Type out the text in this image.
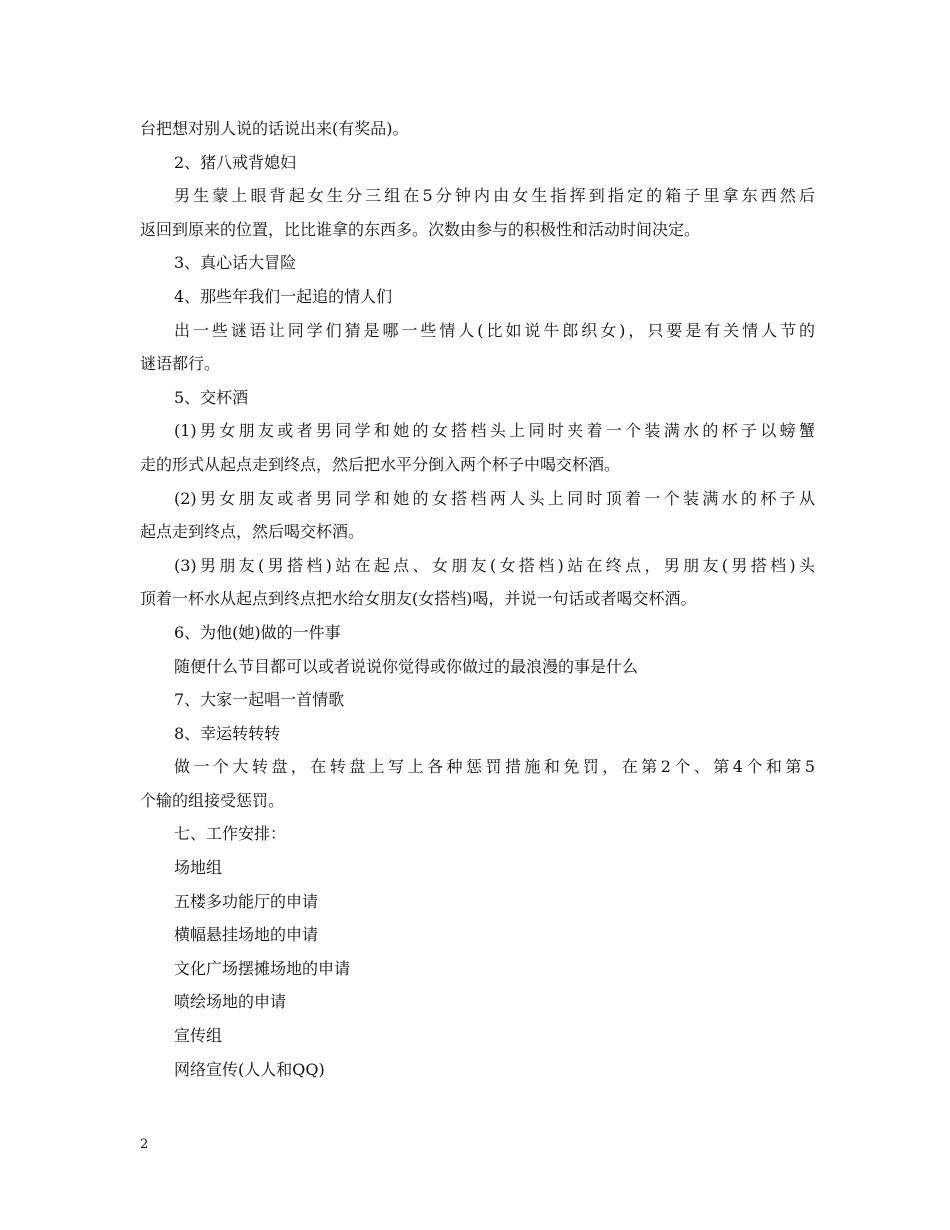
台把想对别人说的话说出来(有奖品)。
2、猪八戒背媳妇
男生蒙上眼背起女生分三组在5分钟内由女生指挥到指定的箱子里拿东西然后
返回到原来的位置，比比谁拿的东西多。次数由参与的积极性和活动时间决定。
3、真心话大冒险
4、那些年我们一起追的情人们
出一些谜语让同学们猜是哪一些情人(比如说牛郎织女)，只要是有关情人节的
谜语都行。
5、交杯酒
(1)男女朋友或者男同学和她的女搭档头上同时夹着一个装满水的杯子以螃蟹
走的形式从起点走到终点，然后把水平分倒入两个杯子中喝交杯酒。
(2)男女朋友或者男同学和她的女搭档两人头上同时顶着一个装满水的杯子从
起点走到终点，然后喝交杯酒。
(3)男朋友(男搭档)站在起点、女朋友(女搭档)站在终点，男朋友(男搭档)头
顶着一杯水从起点到终点把水给女朋友(女搭档)喝，并说一句话或者喝交杯酒。
6、为他(她)做的一件事
随便什么节目都可以或者说说你觉得或你做过的最浪漫的事是什么
7、大家一起唱一首情歌
8、幸运转转转
做一个大转盘，在转盘上写上各种惩罚措施和免罚，在第2个、第4个和第5
个输的组接受惩罚。
七、工作安排：
场地组
五楼多功能厅的申请
横幅悬挂场地的申请
文化广场摆摊场地的申请
喷绘场地的申请
宣传组
网络宣传(人人和QQ)
2
